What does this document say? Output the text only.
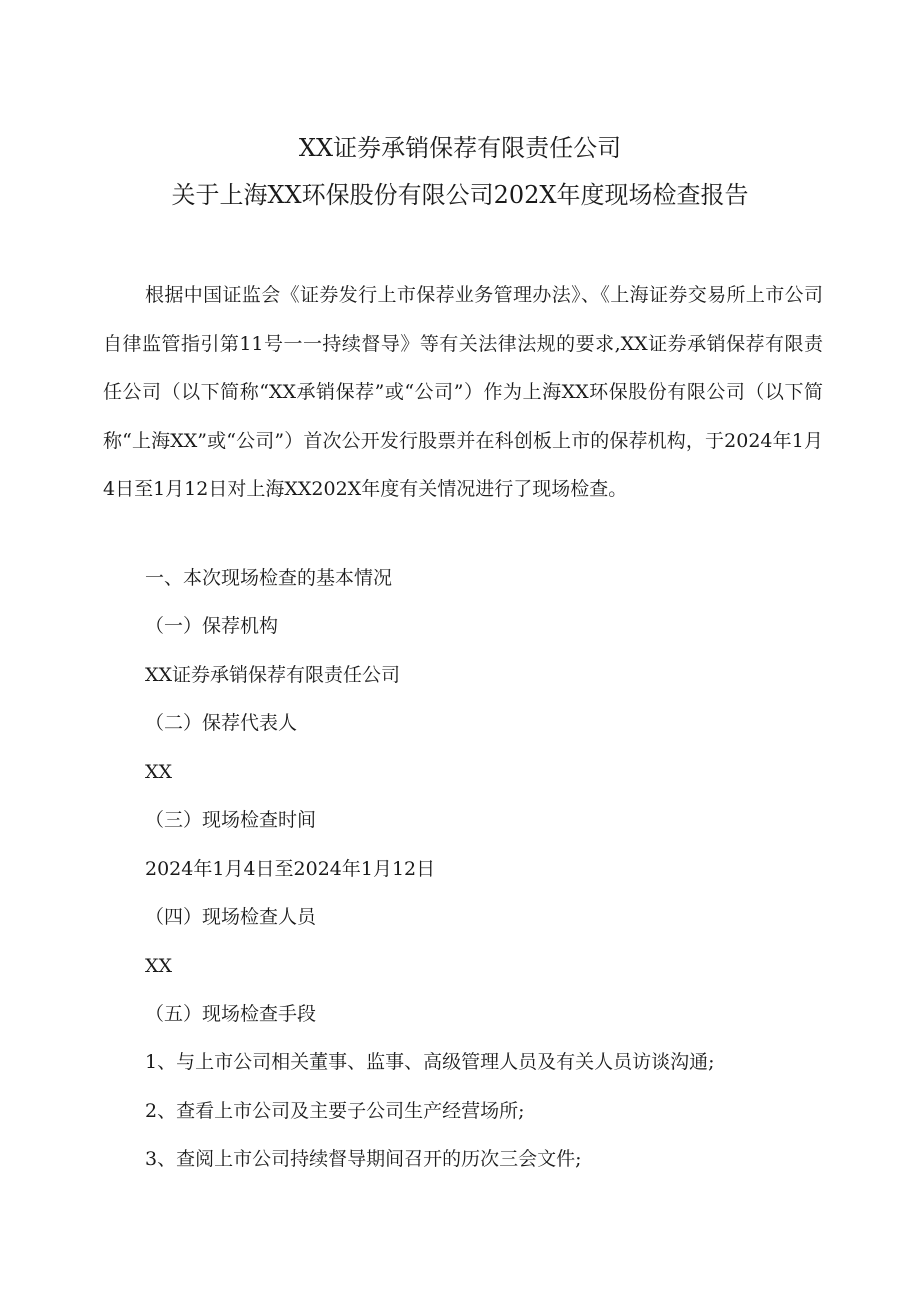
XX证券承销保荐有限责任公司
关于上海XX环保股份有限公司202X年度现场检查报告
根据中国证监会《证券发行上市保荐业务管理办法》、《上海证券交易所上市公司自律监管指引第11号一一持续督导》等有关法律法规的要求,XX证券承销保荐有限责任公司（以下简称“XX承销保荐”或“公司”）作为上海XX环保股份有限公司（以下简称“上海XX”或“公司”）首次公开发行股票并在科创板上市的保荐机构，于2024年1月4日至1月12日对上海XX202X年度有关情况进行了现场检查。
一、本次现场检查的基本情况
（一）保荐机构
XX证券承销保荐有限责任公司
（二）保荐代表人
XX
（三）现场检查时间
2024年1月4日至2024年1月12日
（四）现场检查人员
XX
（五）现场检查手段
1、与上市公司相关董事、监事、高级管理人员及有关人员访谈沟通;
2、查看上市公司及主要子公司生产经营场所;
3、查阅上市公司持续督导期间召开的历次三会文件;
